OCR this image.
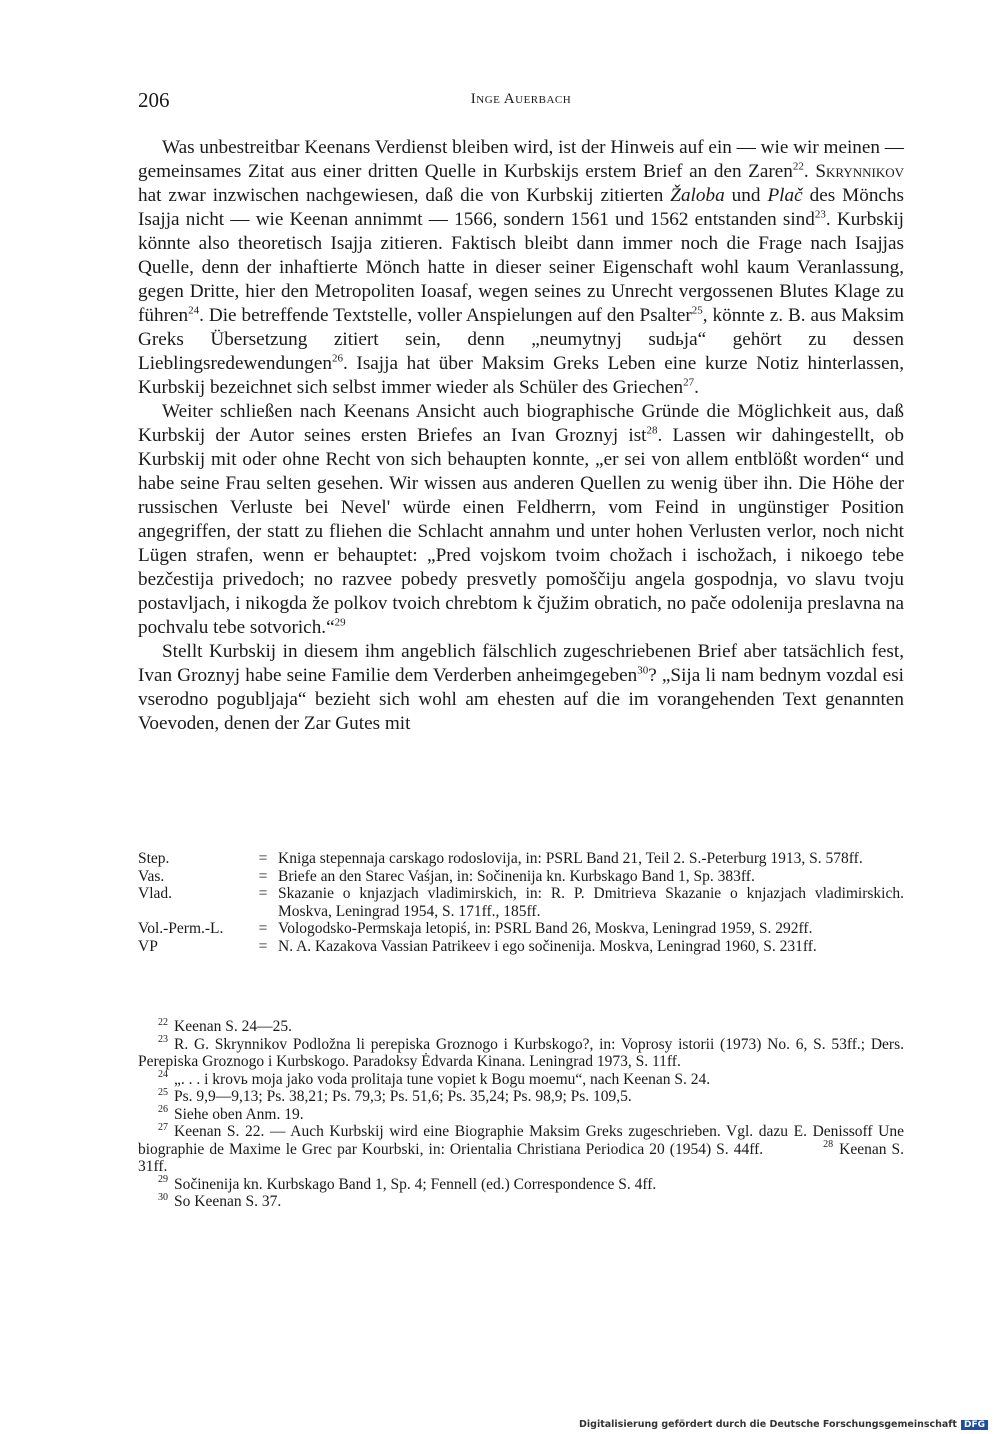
206	Inge Auerbach

Was unbestreitbar Keenans Verdienst bleiben wird, ist der Hinweis auf ein — wie wir meinen — gemeinsames Zitat aus einer dritten Quelle in Kurbskijs erstem Brief an den Zaren$^{22}$. Skrynnikov hat zwar inzwischen nachgewiesen, daß die von Kurbskij zitierten Žaloba und Plač des Mönchs Isajja nicht — wie Keenan annimmt — 1566, sondern 1561 und 1562 entstanden sind$^{23}$. Kurbskij könnte also theoretisch Isajja zitieren. Faktisch bleibt dann immer noch die Frage nach Isajjas Quelle, denn der inhaftierte Mönch hatte in dieser seiner Eigenschaft wohl kaum Veranlassung, gegen Dritte, hier den Metropoliten Ioasaf, wegen seines zu Unrecht vergossenen Blutes Klage zu führen$^{24}$. Die betreffende Textstelle, voller Anspielungen auf den Psalter$^{25}$, könnte z. B. aus Maksim Greks Übersetzung zitiert sein, denn „neumytnyj sudьja“ gehört zu dessen Lieblingsredewendungen$^{26}$. Isajja hat über Maksim Greks Leben eine kurze Notiz hinterlassen, Kurbskij bezeichnet sich selbst immer wieder als Schüler des Griechen$^{27}$.

Weiter schließen nach Keenans Ansicht auch biographische Gründe die Möglichkeit aus, daß Kurbskij der Autor seines ersten Briefes an Ivan Groznyj ist$^{28}$. Lassen wir dahingestellt, ob Kurbskij mit oder ohne Recht von sich behaupten konnte, „er sei von allem entblößt worden“ und habe seine Frau selten gesehen. Wir wissen aus anderen Quellen zu wenig über ihn. Die Höhe der russischen Verluste bei Nevel' würde einen Feldherrn, vom Feind in ungünstiger Position angegriffen, der statt zu fliehen die Schlacht annahm und unter hohen Verlusten verlor, noch nicht Lügen strafen, wenn er behauptet: „Pred vojskom tvoim chožach i ischožach, i nikoego tebe bezčestija privedoch; no razvee pobedy presvetly pomoščiju angela gospodnja, vo slavu tvoju postavljach, i nikogda že polkov tvoich chrebtom k čjužim obratich, no pače odolenija preslavna na pochvalu tebe sotvorich.“$^{29}$

Stellt Kurbskij in diesem ihm angeblich fälschlich zugeschriebenen Brief aber tatsächlich fest, Ivan Groznyj habe seine Familie dem Verderben anheimgegeben$^{30}$? „Sija li nam bednym vozdal esi vserodno pogubljaja“ bezieht sich wohl am ehesten auf die im vorangehenden Text genannten Voevoden, denen der Zar Gutes mit

Step.	= Kniga stepennaja carskago rodoslovija, in: PSRL Band 21, Teil 2. S.-Peterburg 1913, S. 578ff.
Vas.	= Briefe an den Starec Vaśjan, in: Sočinenija kn. Kurbskago Band 1, Sp. 383ff.
Vlad.	= Skazanie o knjazjach vladimirskich, in: R. P. Dmitrieva Skazanie o knjazjach vladimirskich. Moskva, Leningrad 1954, S. 171ff., 185ff.
Vol.-Perm.-L.	= Vologodsko-Permskaja letopiś, in: PSRL Band 26, Moskva, Leningrad 1959, S. 292ff.
VP	= N. A. Kazakova Vassian Patrikeev i ego sočinenija. Moskva, Leningrad 1960, S. 231ff.

$^{22}$ Keenan S. 24—25.

$^{23}$ R. G. Skrynnikov Podložna li perepiska Groznogo i Kurbskogo?, in: Voprosy istorii (1973) No. 6, S. 53ff.; Ders. Perepiska Groznogo i Kurbskogo. Paradoksy Ėdvarda Kinana. Leningrad 1973, S. 11ff.

$^{24}$ „. . . i krovь moja jako voda prolitaja tune vopiet k Bogu moemu“, nach Keenan S. 24.

$^{25}$ Ps. 9,9—9,13; Ps. 38,21; Ps. 79,3; Ps. 51,6; Ps. 35,24; Ps. 98,9; Ps. 109,5.

$^{26}$ Siehe oben Anm. 19.

$^{27}$ Keenan S. 22. — Auch Kurbskij wird eine Biographie Maksim Greks zugeschrieben. Vgl. dazu E. Denissoff Une biographie de Maxime le Grec par Kourbski, in: Orientalia Christiana Periodica 20 (1954) S. 44ff.	$^{28}$ Keenan S. 31ff.

$^{29}$ Sočinenija kn. Kurbskago Band 1, Sp. 4; Fennell (ed.) Correspondence S. 4ff.

$^{30}$ So Keenan S. 37.

Digitalisierung gefördert durch die Deutsche Forschungsgemeinschaft DFG
